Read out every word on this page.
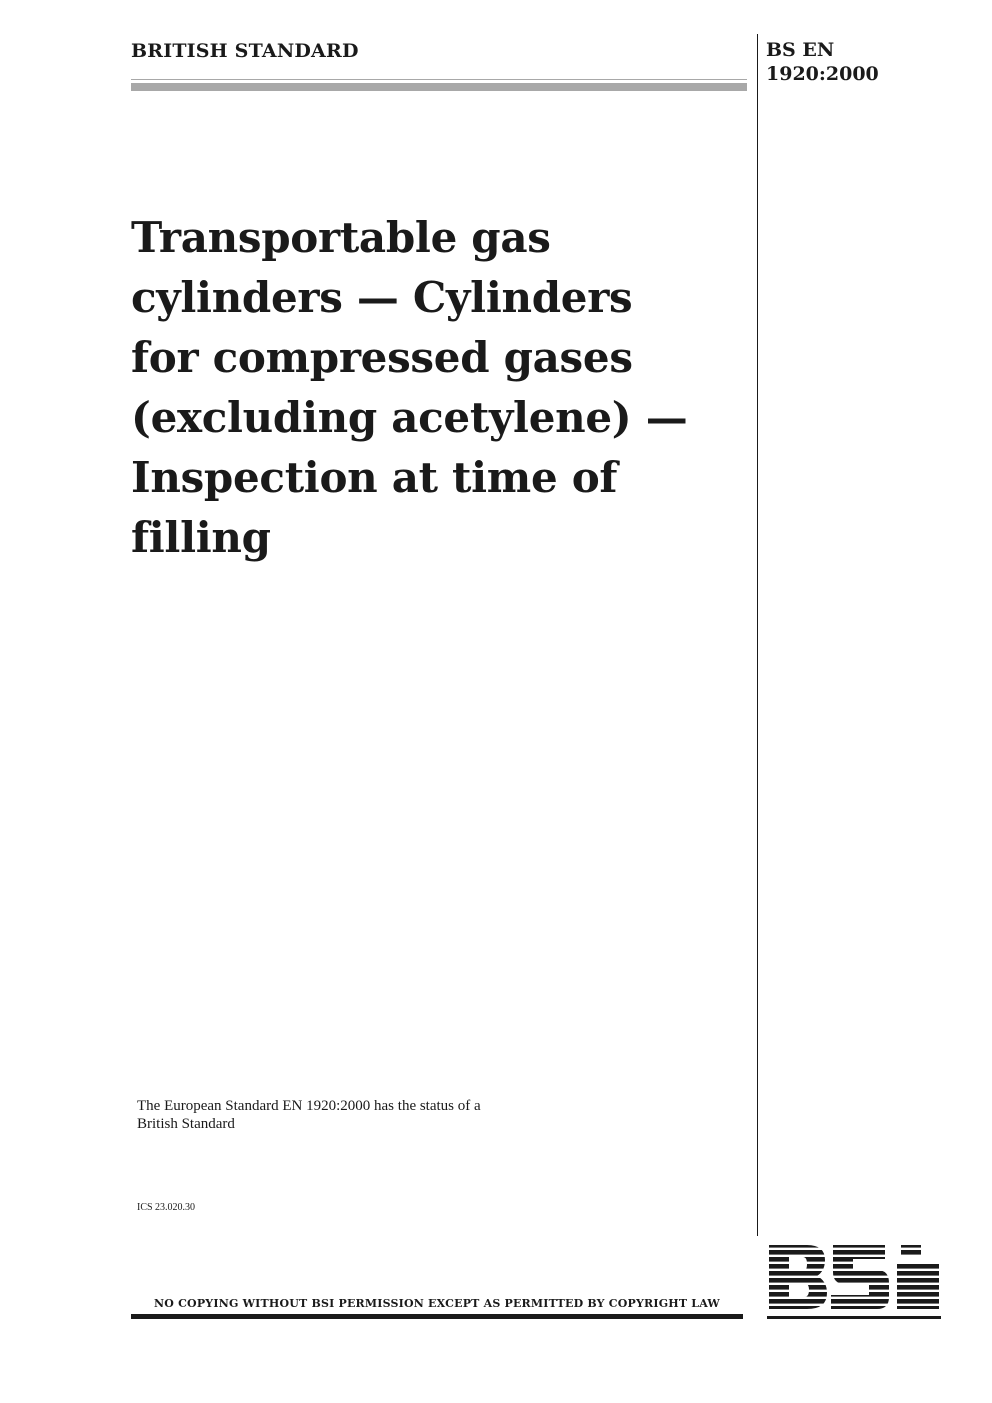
BRITISH STANDARD	BS EN
1920:2000
Transportable gas
cylinders — Cylinders
for compressed gases
(excluding acetylene) —
Inspection at time of
filling
The European Standard EN 1920:2000 has the status of a
British Standard
ICS 23.020.30
NO COPYING WITHOUT BSI PERMISSION EXCEPT AS PERMITTED BY COPYRIGHT LAW
